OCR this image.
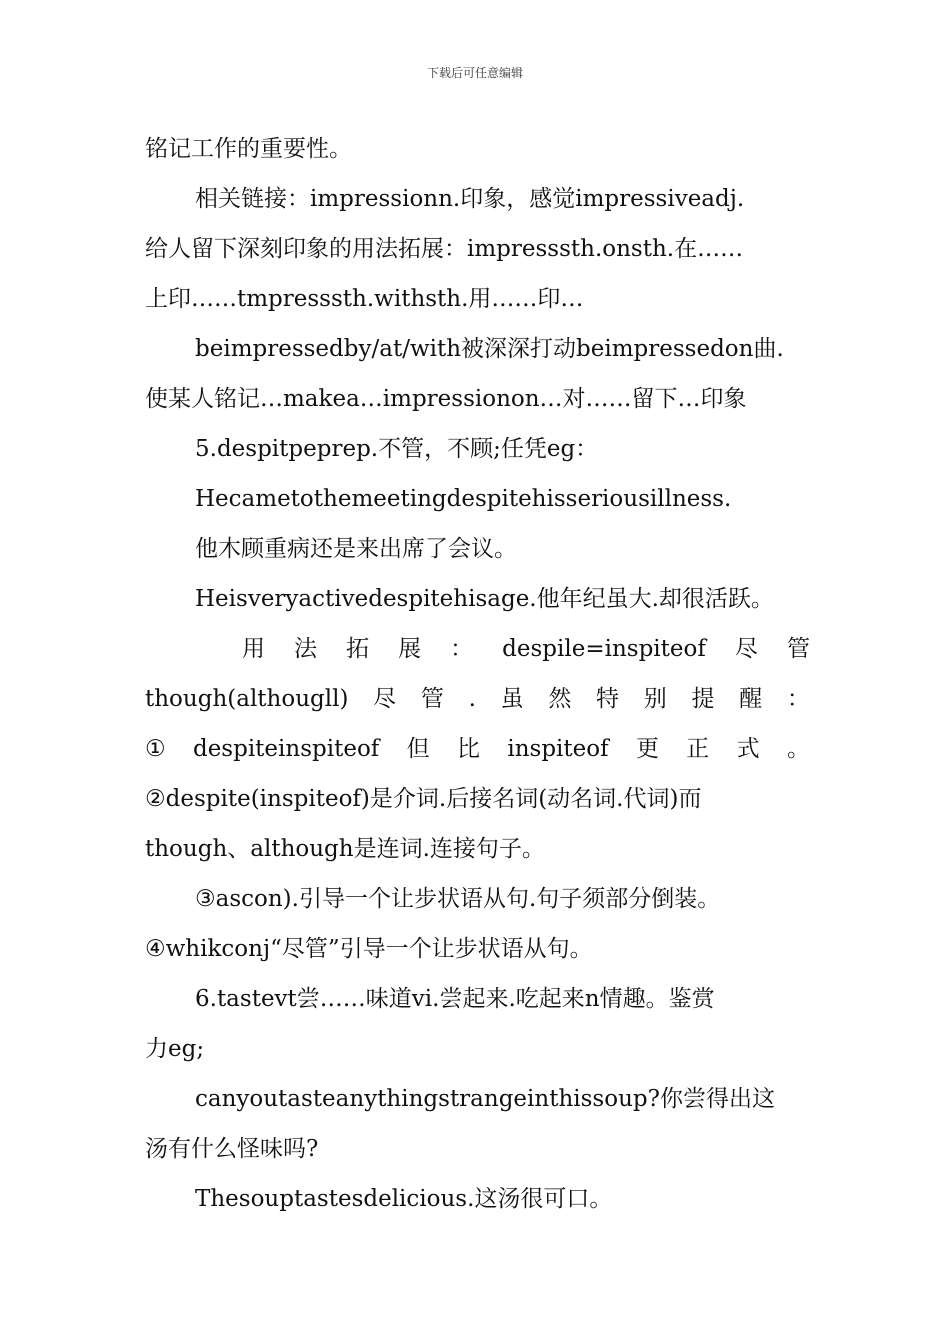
下载后可任意编辑
铭记工作的重要性。
相关链接：impressionn.印象，感觉impressiveadj.
给人留下深刻印象的用法拓展：impresssth.onsth.在……
上印……tmpresssth.withsth.用……印…
beimpressedby/at/with被深深打动beimpressedon曲.
使某人铭记…makea…impressionon…对……留下…印象
5.despitpeprep.不管，不顾;任凭eg：
Hecametothemeetingdespitehisseriousillness.
他木顾重病还是来出席了会议。
Heisveryactivedespitehisage.他年纪虽大.却很活跃。
用 法 拓 展 ： despile=inspiteof 尽 管
though(althougll) 尽 管 . 虽 然 特 别 提 醒 ：
① despiteinspiteof 但 比 inspiteof 更 正 式 。
②despite(inspiteof)是介词.后接名词(动名词.代词)而
though、although是连词.连接句子。
③ascon).引导一个让步状语从句.句子须部分倒装。
④whikconj“尽管”引导一个让步状语从句。
6.tastevt尝……味道vi.尝起来.吃起来n情趣。鉴赏
力eg;
canyoutasteanythingstrangeinthissoup?你尝得出这
汤有什么怪味吗?
Thesouptastesdelicious.这汤很可口。
